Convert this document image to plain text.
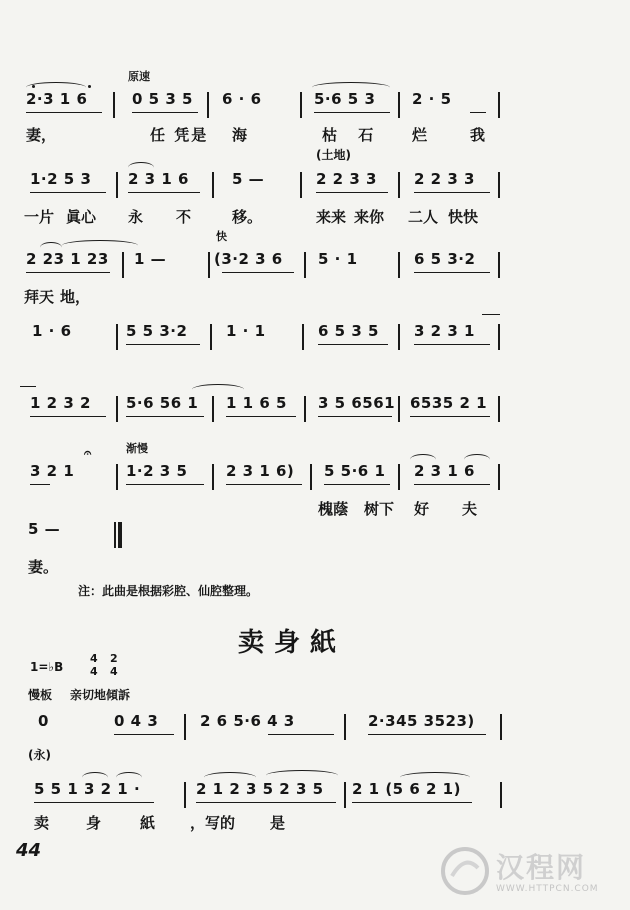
原速
2·3 1 6	0 5 3 5 6 · 6	5·6 5 3 2 · 5
妻，	任 凭是 海	枯 石 烂	我
(土地)
1·2 5 3 2 3 1 6	5 —	2 2 3 3 2 2 3 3
一片 眞心 永 不	移。	来来 来你 二人 快快
快
2 23 1 23 1 —	(3·2 3 6 5 · 1	6 5 3·2
拜天 地，
1 · 6	5 5 3·2	1 · 1	6 5 3 5 3 2 3 1
1 2 3 2 5·6 56 1 1 1 6 5 3 5 6561 6535 2 1
渐慢
𝄐
3 2 1	1·2 3 5	2 3 1 6) 5 5·6 1 2 3 1 6
槐蔭 树下 好 夫
5 —
妻。
注：此曲是根据彩腔、仙腔整理。
卖身紙
1=♭B
4
4
2
4
慢板 亲切地傾訴
0	0 4 3	2 6 5·6 4 3	2·345 3523)
(永)
5 5 1 3 2 1 ·	2 1 2 3 5 2 3 5 2 1 (5 6 2 1)
卖 身	紙 ，写的 是
44
汉程网
WWW.HTTPCN.COM
